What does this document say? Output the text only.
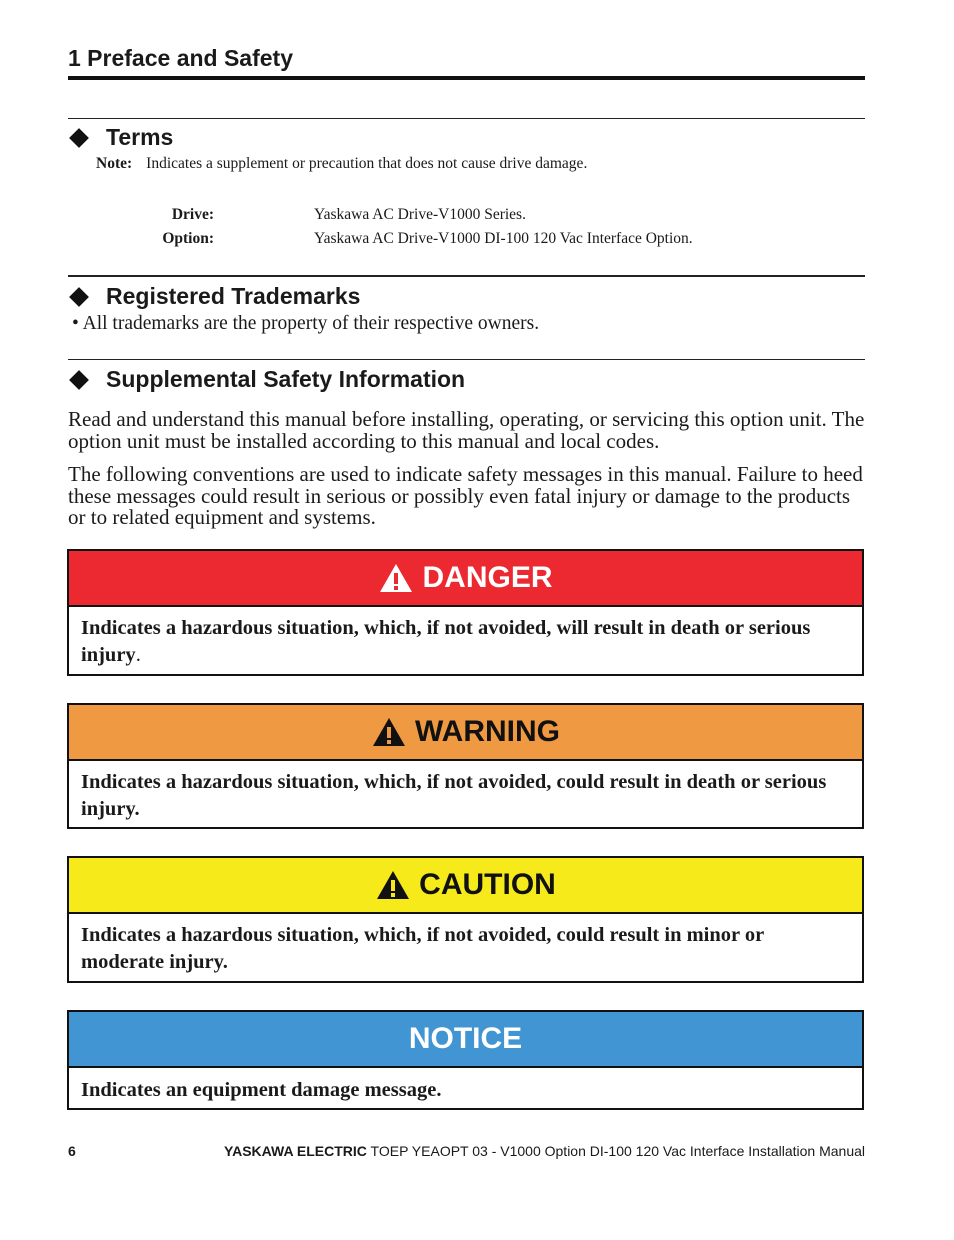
1 Preface and Safety
Terms
Note: Indicates a supplement or precaution that does not cause drive damage.
Drive:	Yaskawa AC Drive-V1000 Series.
Option:	Yaskawa AC Drive-V1000 DI-100 120 Vac Interface Option.
Registered Trademarks
• All trademarks are the property of their respective owners.
Supplemental Safety Information
Read and understand this manual before installing, operating, or servicing this option unit. The option unit must be installed according to this manual and local codes.
The following conventions are used to indicate safety messages in this manual. Failure to heed these messages could result in serious or possibly even fatal injury or damage to the products or to related equipment and systems.
DANGER
Indicates a hazardous situation, which, if not avoided, will result in death or serious injury.
WARNING
Indicates a hazardous situation, which, if not avoided, could result in death or serious injury.
CAUTION
Indicates a hazardous situation, which, if not avoided, could result in minor or moderate injury.
NOTICE
Indicates an equipment damage message.
6	YASKAWA ELECTRIC TOEP YEAOPT 03 - V1000 Option DI-100 120 Vac Interface Installation Manual
